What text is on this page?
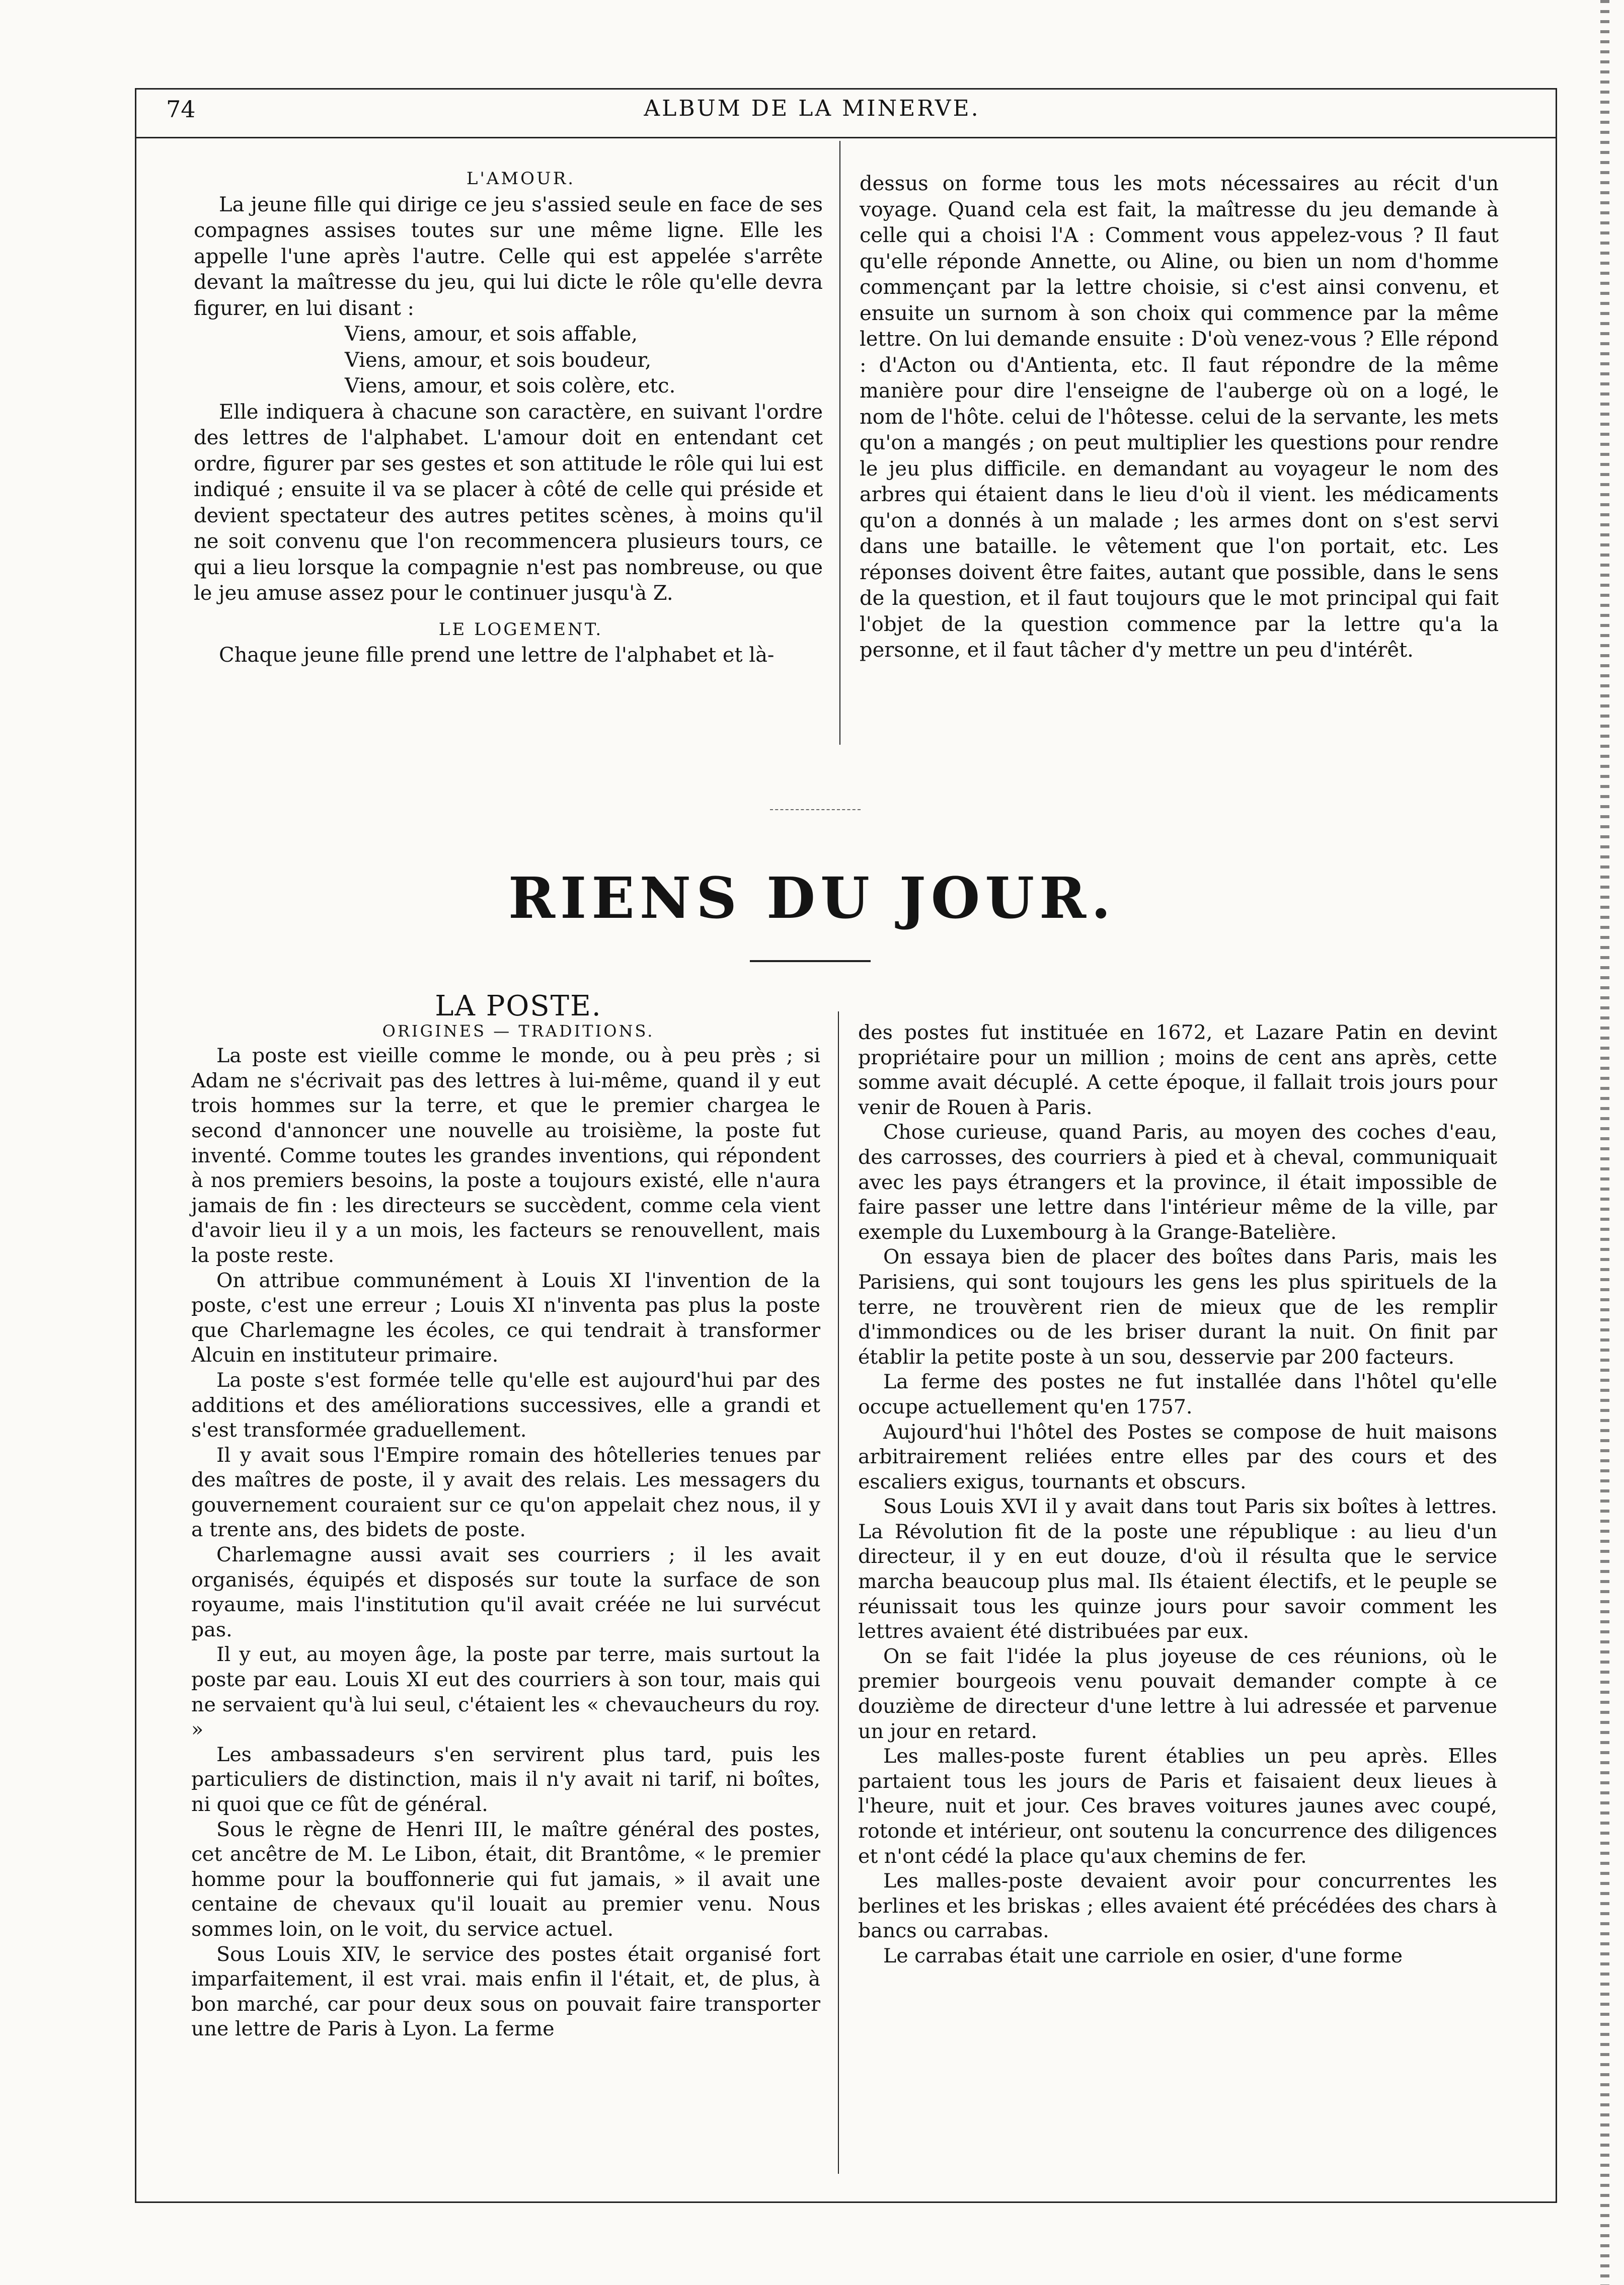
74	ALBUM DE LA MINERVE.

L'AMOUR.

La jeune fille qui dirige ce jeu s'assied seule en face de ses compagnes assises toutes sur une même ligne. Elle les appelle l'une après l'autre. Celle qui est appelée s'arrête devant la maîtresse du jeu, qui lui dicte le rôle qu'elle devra figurer, en lui disant :

Viens, amour, et sois affable,

Viens, amour, et sois boudeur,

Viens, amour, et sois colère, etc.

Elle indiquera à chacune son caractère, en suivant l'ordre des lettres de l'alphabet. L'amour doit en entendant cet ordre, figurer par ses gestes et son attitude le rôle qui lui est indiqué ; ensuite il va se placer à côté de celle qui préside et devient spectateur des autres petites scènes, à moins qu'il ne soit convenu que l'on recommencera plusieurs tours, ce qui a lieu lorsque la compagnie n'est pas nombreuse, ou que le jeu amuse assez pour le continuer jusqu'à Z.

LE LOGEMENT.

Chaque jeune fille prend une lettre de l'alphabet et là-

dessus on forme tous les mots nécessaires au récit d'un voyage. Quand cela est fait, la maîtresse du jeu demande à celle qui a choisi l'A : Comment vous appelez-vous ? Il faut qu'elle réponde Annette, ou Aline, ou bien un nom d'homme commençant par la lettre choisie, si c'est ainsi convenu, et ensuite un surnom à son choix qui commence par la même lettre. On lui demande ensuite : D'où venez-vous ? Elle répond : d'Acton ou d'Antienta, etc. Il faut répondre de la même manière pour dire l'enseigne de l'auberge où on a logé, le nom de l'hôte. celui de l'hôtesse. celui de la servante, les mets qu'on a mangés ; on peut multiplier les questions pour rendre le jeu plus difficile. en demandant au voyageur le nom des arbres qui étaient dans le lieu d'où il vient. les médicaments qu'on a donnés à un malade ; les armes dont on s'est servi dans une bataille. le vêtement que l'on portait, etc. Les réponses doivent être faites, autant que possible, dans le sens de la question, et il faut toujours que le mot principal qui fait l'objet de la question commence par la lettre qu'a la personne, et il faut tâcher d'y mettre un peu d'intérêt.

RIENS DU JOUR.

LA POSTE.

ORIGINES — TRADITIONS.

La poste est vieille comme le monde, ou à peu près ; si Adam ne s'écrivait pas des lettres à lui-même, quand il y eut trois hommes sur la terre, et que le premier chargea le second d'annoncer une nouvelle au troisième, la poste fut inventé. Comme toutes les grandes inventions, qui répondent à nos premiers besoins, la poste a toujours existé, elle n'aura jamais de fin : les directeurs se succèdent, comme cela vient d'avoir lieu il y a un mois, les facteurs se renouvellent, mais la poste reste.

On attribue communément à Louis XI l'invention de la poste, c'est une erreur ; Louis XI n'inventa pas plus la poste que Charlemagne les écoles, ce qui tendrait à transformer Alcuin en instituteur primaire.

La poste s'est formée telle qu'elle est aujourd'hui par des additions et des améliorations successives, elle a grandi et s'est transformée graduellement.

Il y avait sous l'Empire romain des hôtelleries tenues par des maîtres de poste, il y avait des relais. Les messagers du gouvernement couraient sur ce qu'on appelait chez nous, il y a trente ans, des bidets de poste.

Charlemagne aussi avait ses courriers ; il les avait organisés, équipés et disposés sur toute la surface de son royaume, mais l'institution qu'il avait créée ne lui survécut pas.

Il y eut, au moyen âge, la poste par terre, mais surtout la poste par eau. Louis XI eut des courriers à son tour, mais qui ne servaient qu'à lui seul, c'étaient les « chevaucheurs du roy. »

Les ambassadeurs s'en servirent plus tard, puis les particuliers de distinction, mais il n'y avait ni tarif, ni boîtes, ni quoi que ce fût de général.

Sous le règne de Henri III, le maître général des postes, cet ancêtre de M. Le Libon, était, dit Brantôme, « le premier homme pour la bouffonnerie qui fut jamais, » il avait une centaine de chevaux qu'il louait au premier venu. Nous sommes loin, on le voit, du service actuel.

Sous Louis XIV, le service des postes était organisé fort imparfaitement, il est vrai. mais enfin il l'était, et, de plus, à bon marché, car pour deux sous on pouvait faire transporter une lettre de Paris à Lyon. La ferme

des postes fut instituée en 1672, et Lazare Patin en devint propriétaire pour un million ; moins de cent ans après, cette somme avait décuplé. A cette époque, il fallait trois jours pour venir de Rouen à Paris.

Chose curieuse, quand Paris, au moyen des coches d'eau, des carrosses, des courriers à pied et à cheval, communiquait avec les pays étrangers et la province, il était impossible de faire passer une lettre dans l'intérieur même de la ville, par exemple du Luxembourg à la Grange-Batelière.

On essaya bien de placer des boîtes dans Paris, mais les Parisiens, qui sont toujours les gens les plus spirituels de la terre, ne trouvèrent rien de mieux que de les remplir d'immondices ou de les briser durant la nuit. On finit par établir la petite poste à un sou, desservie par 200 facteurs.

La ferme des postes ne fut installée dans l'hôtel qu'elle occupe actuellement qu'en 1757.

Aujourd'hui l'hôtel des Postes se compose de huit maisons arbitrairement reliées entre elles par des cours et des escaliers exigus, tournants et obscurs.

Sous Louis XVI il y avait dans tout Paris six boîtes à lettres. La Révolution fit de la poste une république : au lieu d'un directeur, il y en eut douze, d'où il résulta que le service marcha beaucoup plus mal. Ils étaient électifs, et le peuple se réunissait tous les quinze jours pour savoir comment les lettres avaient été distribuées par eux.

On se fait l'idée la plus joyeuse de ces réunions, où le premier bourgeois venu pouvait demander compte à ce douzième de directeur d'une lettre à lui adressée et parvenue un jour en retard.

Les malles-poste furent établies un peu après. Elles partaient tous les jours de Paris et faisaient deux lieues à l'heure, nuit et jour. Ces braves voitures jaunes avec coupé, rotonde et intérieur, ont soutenu la concurrence des diligences et n'ont cédé la place qu'aux chemins de fer.

Les malles-poste devaient avoir pour concurrentes les berlines et les briskas ; elles avaient été précédées des chars à bancs ou carrabas.

Le carrabas était une carriole en osier, d'une forme
